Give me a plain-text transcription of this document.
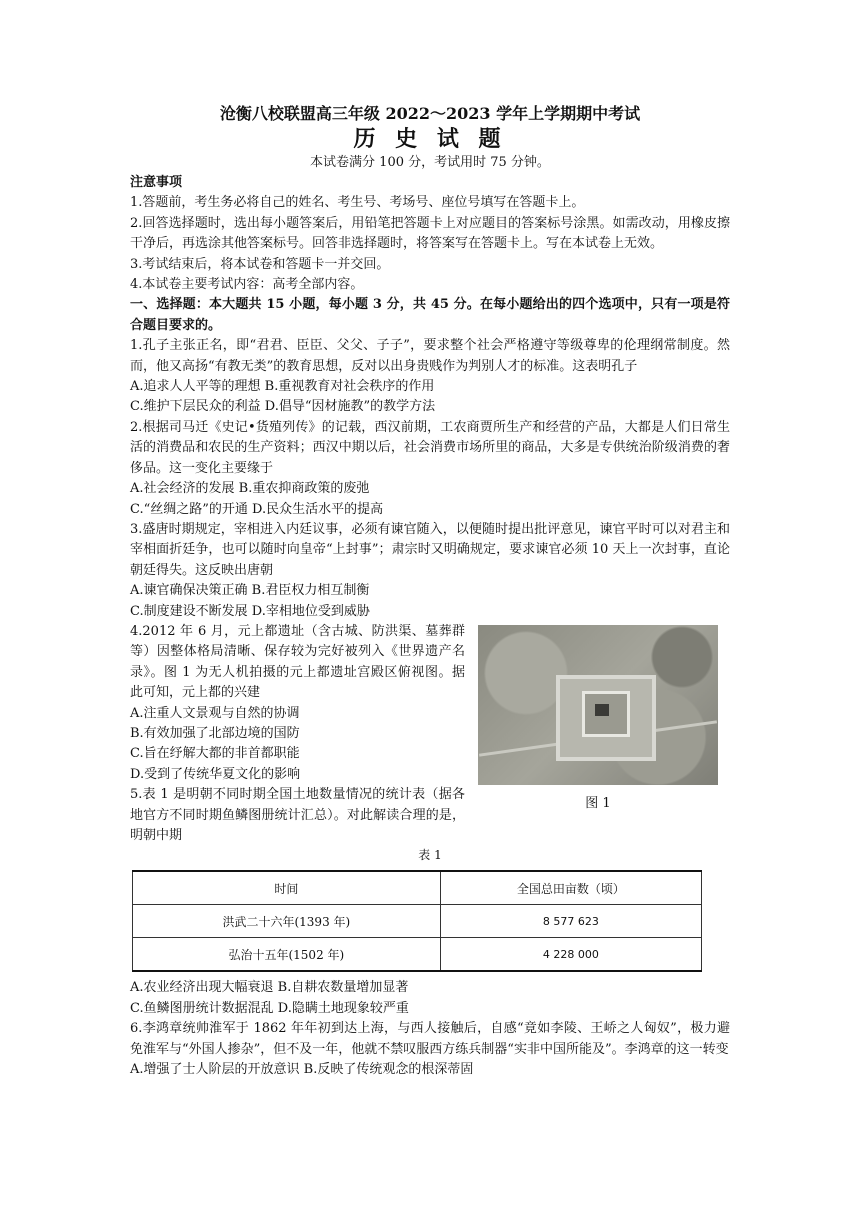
沧衡八校联盟高三年级 2022～2023 学年上学期期中考试

历 史 试 题

本试卷满分 100 分，考试用时 75 分钟。

注意事项

1.答题前，考生务必将自己的姓名、考生号、考场号、座位号填写在答题卡上。

2.回答选择题时，选出每小题答案后，用铅笔把答题卡上对应题目的答案标号涂黑。如需改动，用橡皮擦干净后，再选涂其他答案标号。回答非选择题时，将答案写在答题卡上。写在本试卷上无效。

3.考试结束后，将本试卷和答题卡一并交回。

4.本试卷主要考试内容：高考全部内容。

一、选择题：本大题共 15 小题，每小题 3 分，共 45 分。在每小题给出的四个选项中，只有一项是符合题目要求的。

1.孔子主张正名，即“君君、臣臣、父父、子子”，要求整个社会严格遵守等级尊卑的伦理纲常制度。然而，他又高扬“有教无类”的教育思想，反对以出身贵贱作为判别人才的标准。这表明孔子

A.追求人人平等的理想 B.重视教育对社会秩序的作用

C.维护下层民众的利益 D.倡导“因材施教”的教学方法

2.根据司马迁《史记•货殖列传》的记载，西汉前期，工农商贾所生产和经营的产品，大都是人们日常生活的消费品和农民的生产资料；西汉中期以后，社会消费市场所里的商品，大多是专供统治阶级消费的奢侈品。这一变化主要缘于

A.社会经济的发展 B.重农抑商政策的废弛

C.“丝绸之路”的开通 D.民众生活水平的提高

3.盛唐时期规定，宰相进入内廷议事，必须有谏官随入，以便随时提出批评意见，谏官平时可以对君主和宰相面折廷争，也可以随时向皇帝“上封事”；肃宗时又明确规定，要求谏官必须 10 天上一次封事，直论朝廷得失。这反映出唐朝

A.谏官确保决策正确 B.君臣权力相互制衡

C.制度建设不断发展 D.宰相地位受到威胁

4.2012 年 6 月，元上都遗址（含古城、防洪渠、墓葬群等）因整体格局清晰、保存较为完好被列入《世界遗产名录》。图 1 为无人机拍摄的元上都遗址宫殿区俯视图。据此可知，元上都的兴建

A.注重人文景观与自然的协调

B.有效加强了北部边境的国防

C.旨在纾解大都的非首都职能

D.受到了传统华夏文化的影响

5.表 1 是明朝不同时期全国土地数量情况的统计表（据各地官方不同时期鱼鳞图册统计汇总）。对此解读合理的是，明朝中期

图 1

表 1

时间	全国总田亩数（顷）
洪武二十六年(1393 年)	8 577 623
弘治十五年(1502 年)	4 228 000

A.农业经济出现大幅衰退 B.自耕农数量增加显著

C.鱼鳞图册统计数据混乱 D.隐瞒土地现象较严重

6.李鸿章统帅淮军于 1862 年年初到达上海，与西人接触后，自感“竟如李陵、王峤之人匈奴”，极力避免淮军与“外国人掺杂”，但不及一年，他就不禁叹服西方练兵制器“实非中国所能及”。李鸿章的这一转变

A.增强了士人阶层的开放意识 B.反映了传统观念的根深蒂固
